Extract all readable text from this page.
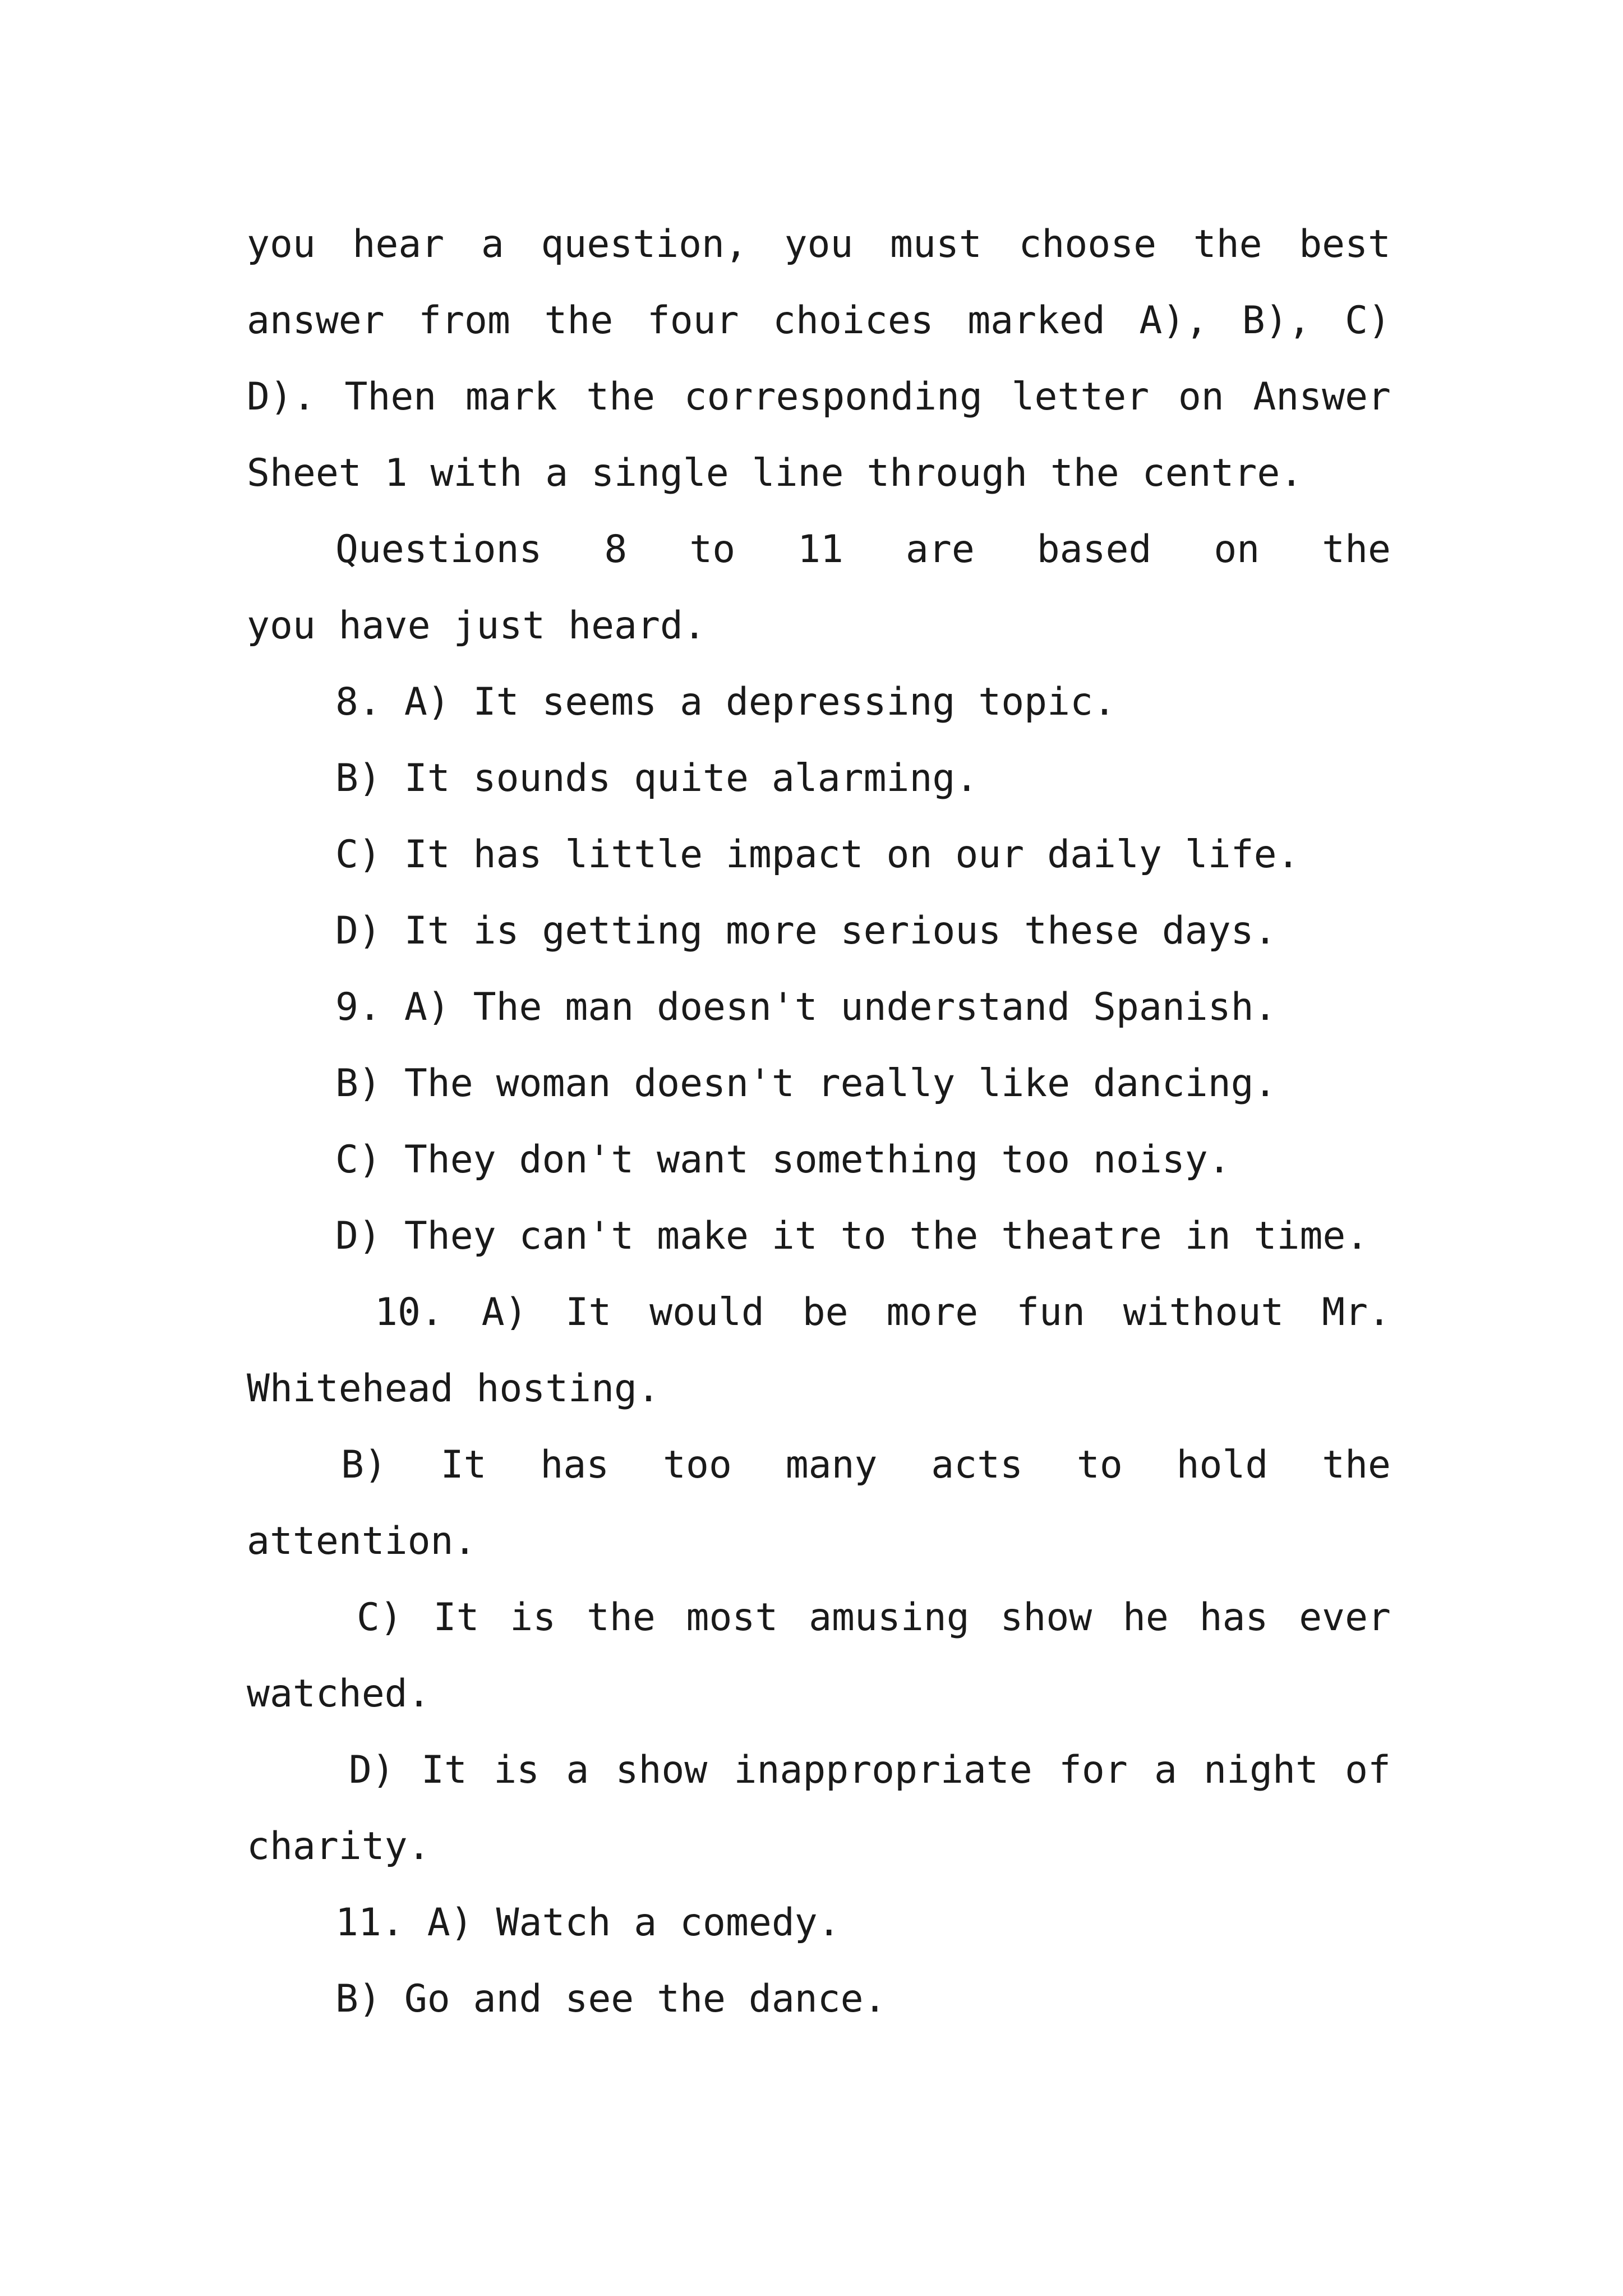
you hear a question, you must choose the best
answer from the four choices marked A), B), C)
D). Then mark the corresponding letter on Answer
Sheet 1 with a single line through the centre.
Questions 8 to 11 are based on the
you have just heard.
8. A) It seems a depressing topic.
B) It sounds quite alarming.
C) It has little impact on our daily life.
D) It is getting more serious these days.
9. A) The man doesn't understand Spanish.
B) The woman doesn't really like dancing.
C) They don't want something too noisy.
D) They can't make it to the theatre in time.
10. A) It would be more fun without Mr.
Whitehead hosting.
B) It has too many acts to hold the
attention.
C) It is the most amusing show he has ever
watched.
D) It is a show inappropriate for a night of
charity.
11. A) Watch a comedy.
B) Go and see the dance.
